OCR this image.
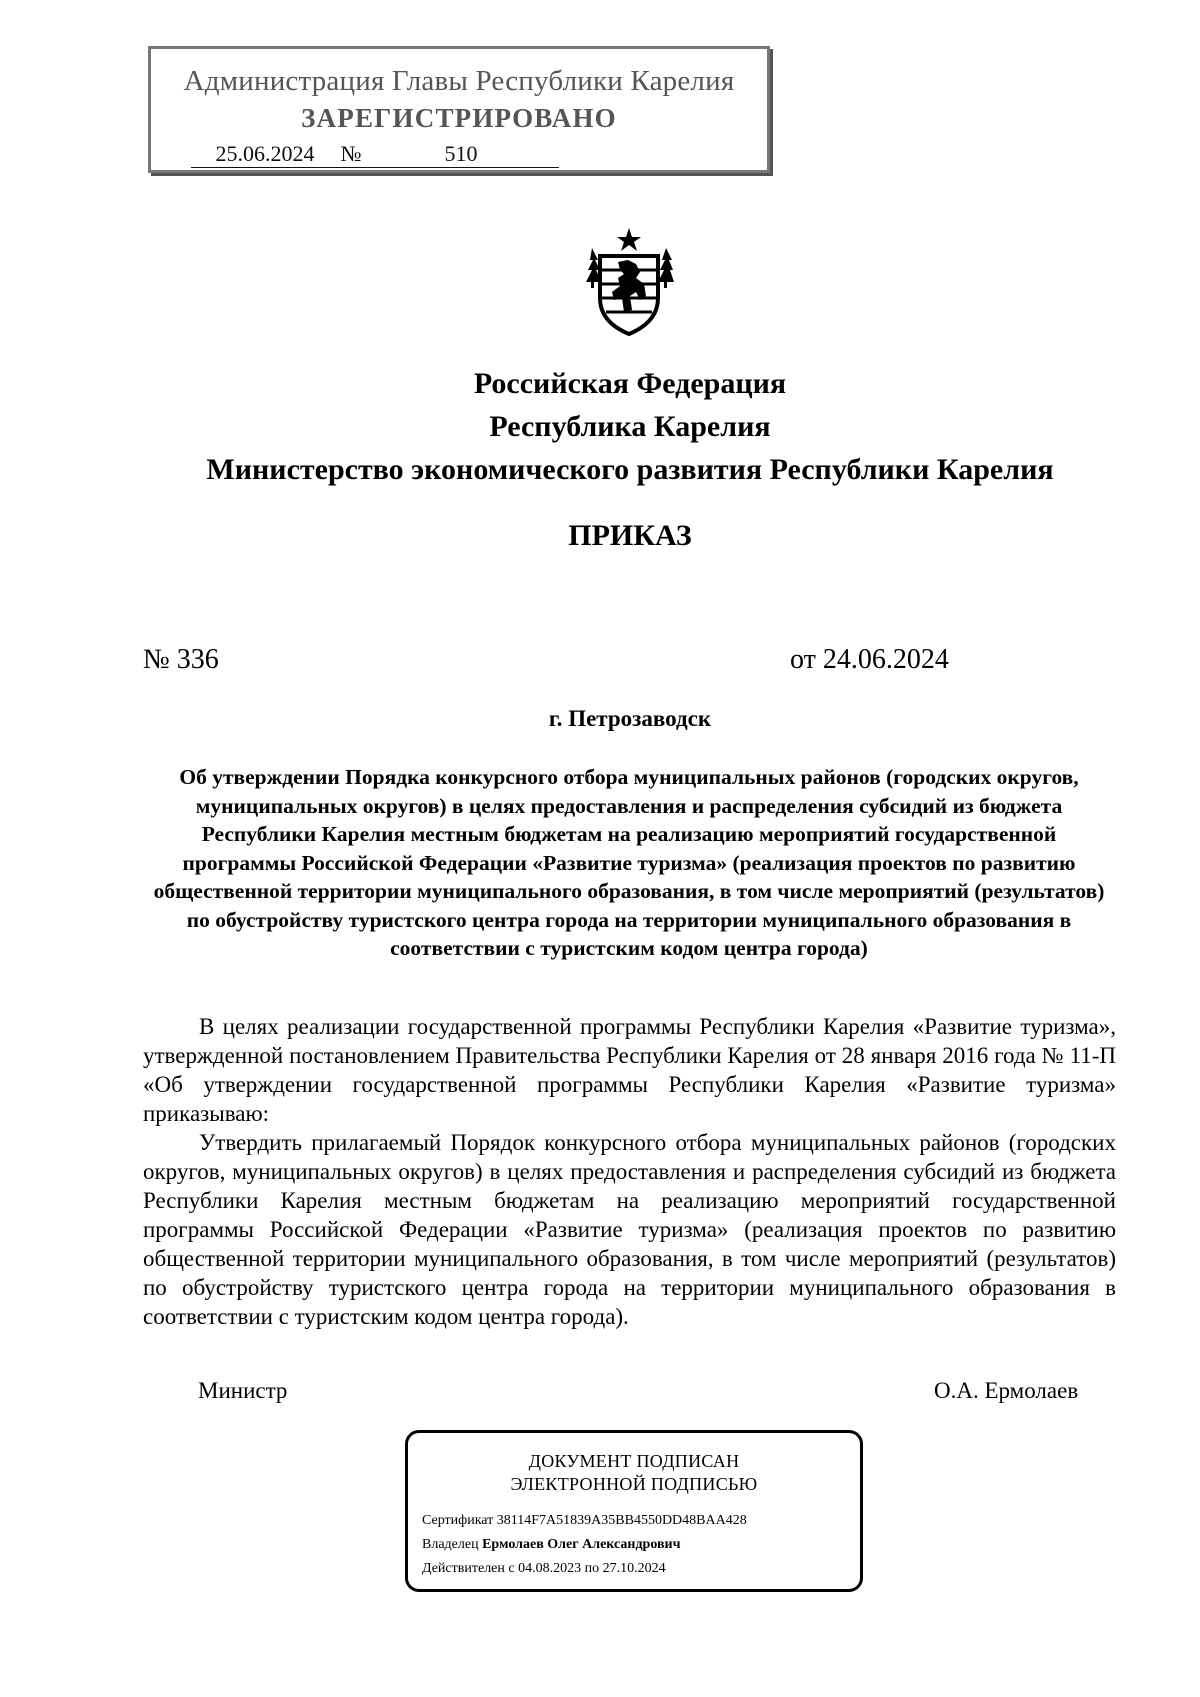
Администрация Главы Республики Карелия
ЗАРЕГИСТРИРОВАНО
25.06.2024 №	510
Российская Федерация
Республика Карелия
Министерство экономического развития Республики Карелия
ПРИКАЗ
№ 336	от 24.06.2024
г. Петрозаводск
Об утверждении Порядка конкурсного отбора муниципальных районов (городских округов, муниципальных округов) в целях предоставления и распределения субсидий из бюджета Республики Карелия местным бюджетам на реализацию мероприятий государственной программы Российской Федерации «Развитие туризма» (реализация проектов по развитию общественной территории муниципального образования, в том числе мероприятий (результатов) по обустройству туристского центра города на территории муниципального образования в соответствии с туристским кодом центра города)

В целях реализации государственной программы Республики Карелия «Развитие туризма», утвержденной постановлением Правительства Республики Карелия от 28 января 2016 года № 11-П «Об утверждении государственной программы Республики Карелия «Развитие туризма» приказываю:

Утвердить прилагаемый Порядок конкурсного отбора муниципальных районов (городских округов, муниципальных округов) в целях предоставления и распределения субсидий из бюджета Республики Карелия местным бюджетам на реализацию мероприятий государственной программы Российской Федерации «Развитие туризма» (реализация проектов по развитию общественной территории муниципального образования, в том числе мероприятий (результатов) по обустройству туристского центра города на территории муниципального образования в соответствии с туристским кодом центра города).

Министр	О.А. Ермолаев
ДОКУМЕНТ ПОДПИСАН
ЭЛЕКТРОННОЙ ПОДПИСЬЮ
Сертификат 38114F7A51839A35BB4550DD48BAA428
Владелец Ермолаев Олег Александрович
Действителен с 04.08.2023 по 27.10.2024
